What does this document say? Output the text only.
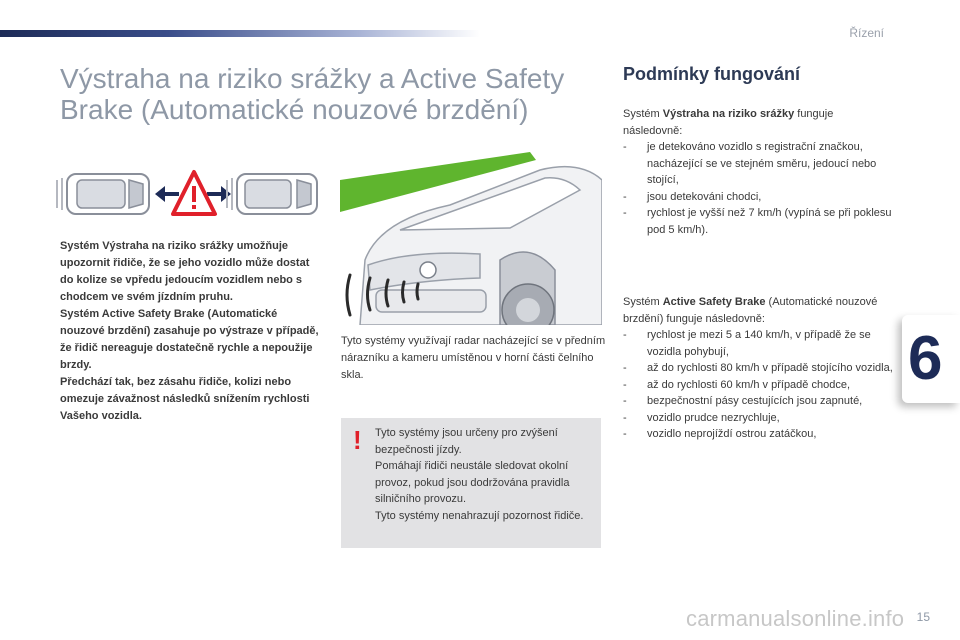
Řízení
Výstraha na riziko srážky a Active Safety
Brake (Automatické nouzové brzdění)

Systém Výstraha na riziko srážky umožňuje upozornit řidiče, že se jeho vozidlo může dostat do kolize se vpředu jedoucím vozidlem nebo s chodcem ve svém jízdním pruhu.

Systém Active Safety Brake (Automatické nouzové brzdění) zasahuje po výstraze v případě, že řidič nereaguje dostatečně rychle a nepoužije brzdy.

Předchází tak, bez zásahu řidiče, kolizi nebo omezuje závažnost následků snížením rychlosti Vašeho vozidla.

Tyto systémy využívají radar nacházející se v předním nárazníku a kameru umístěnou v horní části čelního skla.

! Tyto systémy jsou určeny pro zvýšení bezpečnosti jízdy.

Pomáhají řidiči neustále sledovat okolní provoz, pokud jsou dodržována pravidla silničního provozu.

Tyto systémy nenahrazují pozornost řidiče.

Podmínky fungování

Systém Výstraha na riziko srážky funguje následovně:

- je detekováno vozidlo s registrační značkou, nacházející se ve stejném směru, jedoucí nebo stojící,
- jsou detekováni chodci,
- rychlost je vyšší než 7 km/h (vypíná se při poklesu pod 5 km/h).

Systém Active Safety Brake (Automatické nouzové brzdění) funguje následovně:

- rychlost je mezi 5 a 140 km/h, v případě že se vozidla pohybují,
- až do rychlosti 80 km/h v případě stojícího vozidla,
- až do rychlosti 60 km/h v případě chodce,
- bezpečnostní pásy cestujících jsou zapnuté,
- vozidlo prudce nezrychluje,
- vozidlo neprojíždí ostrou zatáčkou,
6
carmanualsonline.info 15
